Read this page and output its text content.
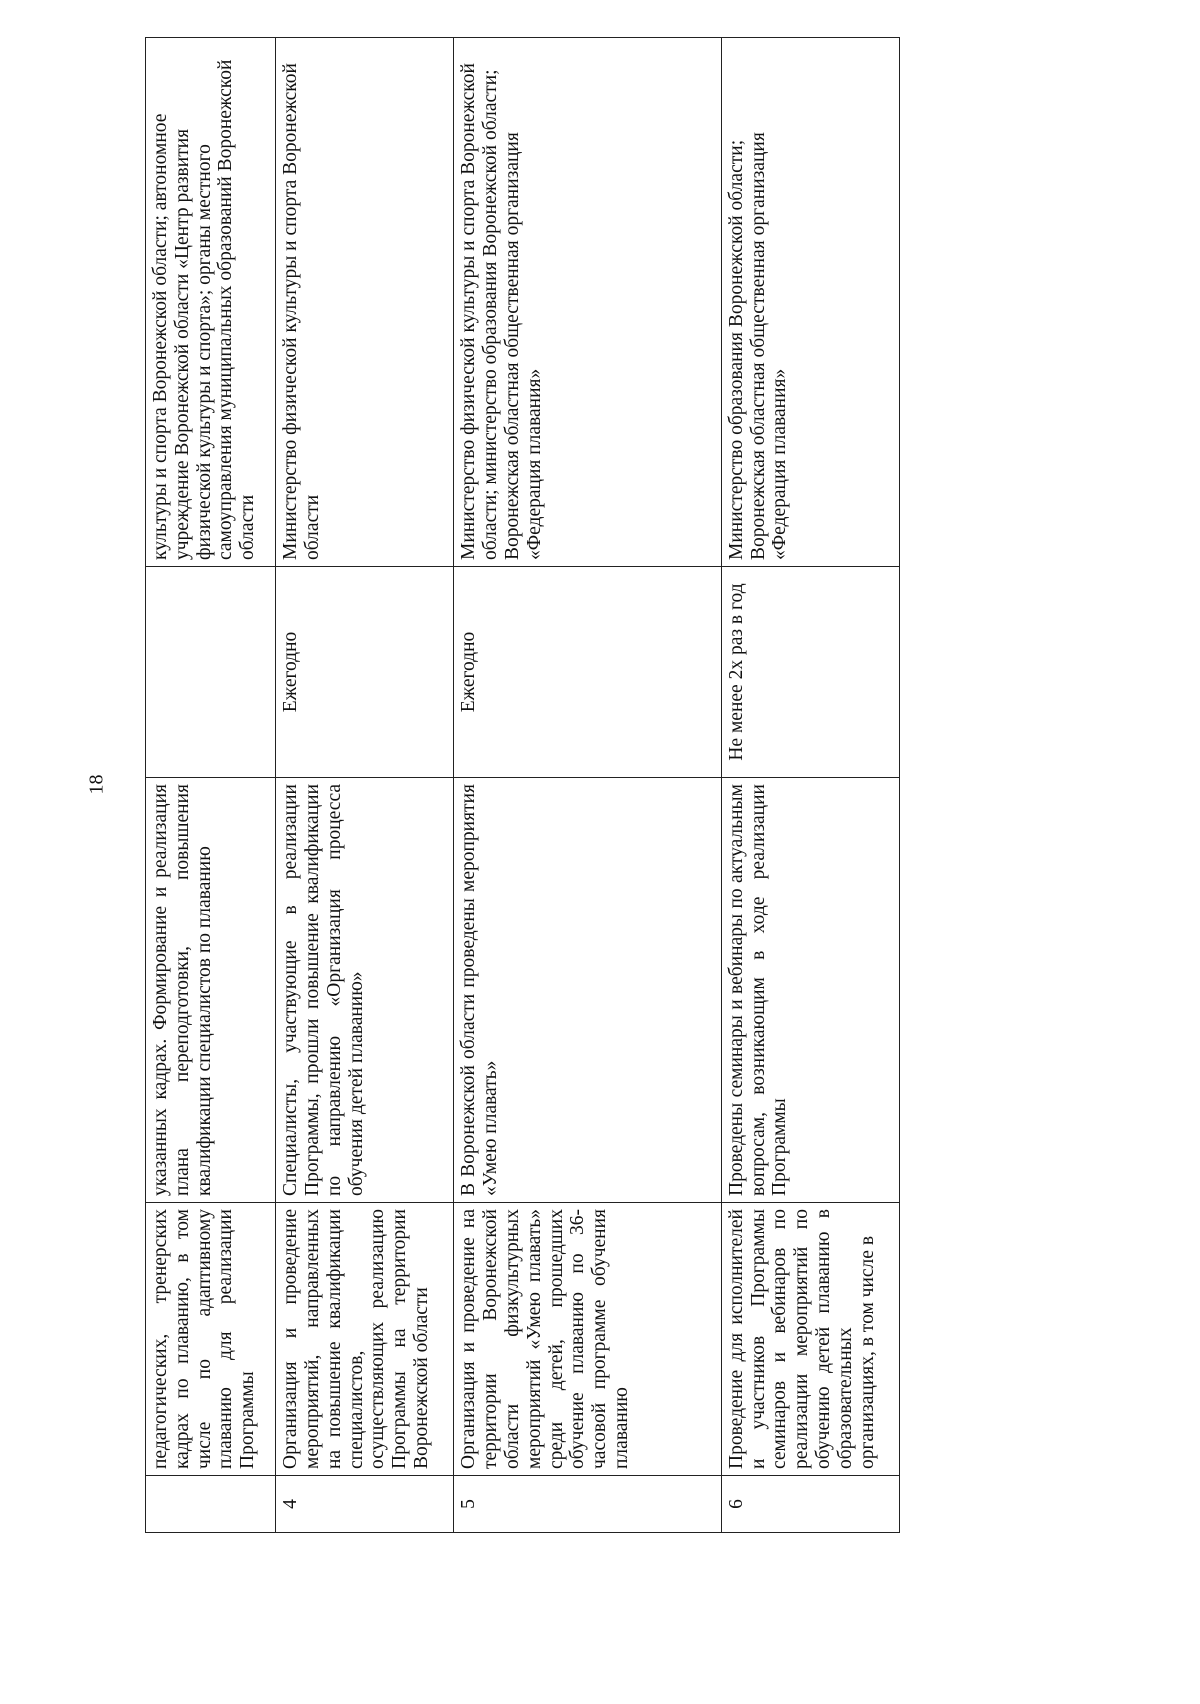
18
	педагогических, тренерских кадрах по плаванию, в том числе по адаптивному плаванию для реализации Программы	указанных кадрах. Формирование и реализация плана переподготовки, повышения квалификации специалистов по плаванию		культуры и спорта Воронежской области; автономное учреждение Воронежской области «Центр развития физической культуры и спорта»; органы местного самоуправления муниципальных образований Воронежской области
4	Организация и проведение мероприятий, направленных на повышение квалификации специалистов, осуществляющих реализацию Программы на территории Воронежской области	Специалисты, участвующие в реализации Программы, прошли повышение квалификации по направлению «Организация процесса обучения детей плаванию»	Ежегодно	Министерство физической культуры и спорта Воронежской области
5	Организация и проведение на территории Воронежской области физкультурных мероприятий «Умею плавать» среди детей, прошедших обучение плаванию по 36-часовой программе обучения плаванию	В Воронежской области проведены мероприятия «Умею плавать»	Ежегодно	Министерство физической культуры и спорта Воронежской области; министерство образования Воронежской области; Воронежская областная общественная организация «Федерация плавания»
6	Проведение для исполнителей и участников Программы семинаров и вебинаров по реализации мероприятий по обучению детей плаванию в образовательных организациях, в том числе в	Проведены семинары и вебинары по актуальным вопросам, возникающим в ходе реализации Программы	Не менее 2х раз в год	Министерство образования Воронежской области; Воронежская областная общественная организация «Федерация плавания»
